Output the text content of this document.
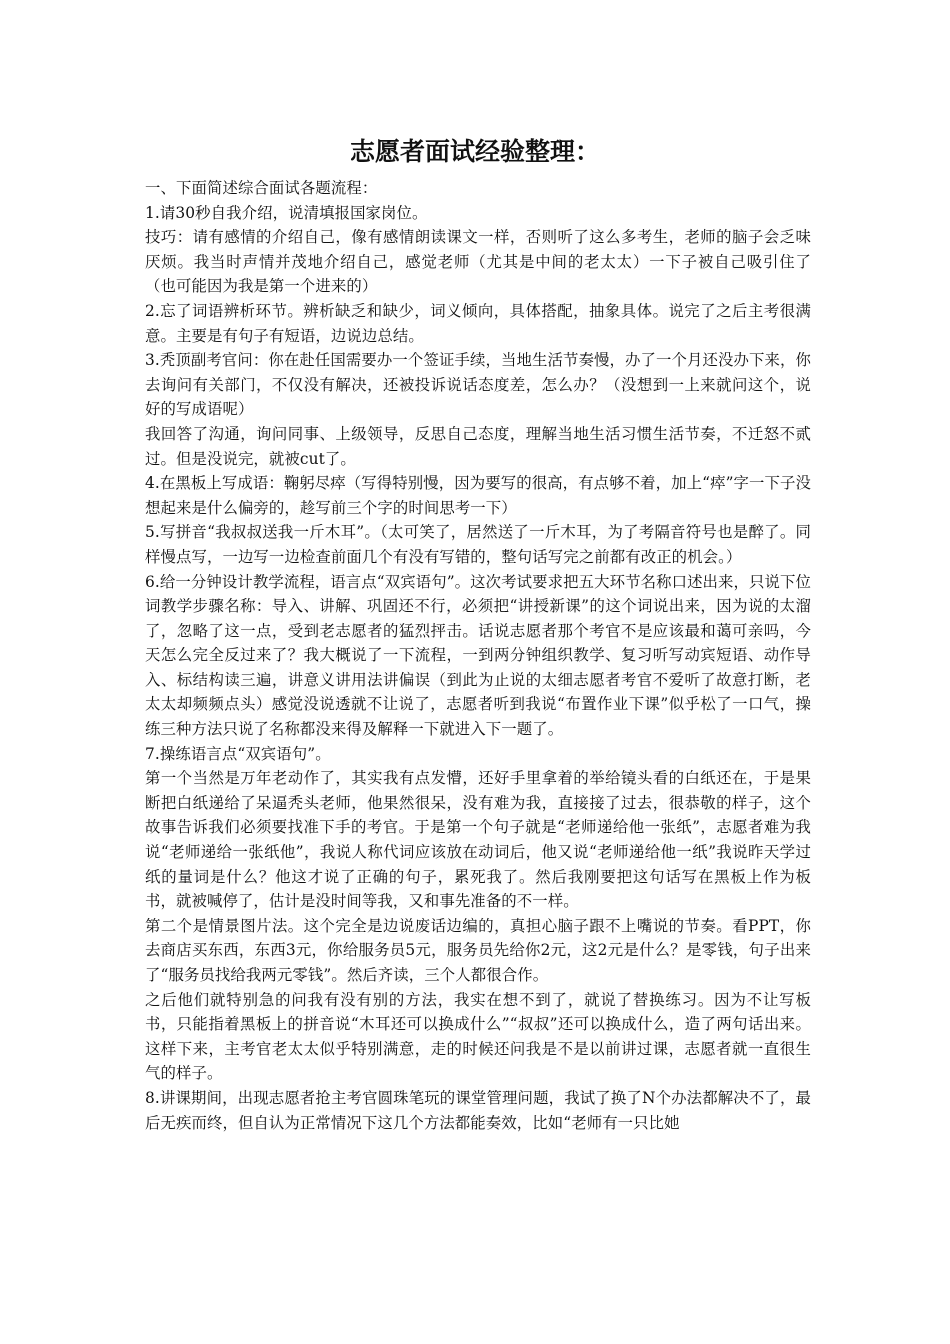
志愿者面试经验整理：

一、下面简述综合面试各题流程：

1.请30秒自我介绍，说清填报国家岗位。

技巧：请有感情的介绍自己，像有感情朗读课文一样，否则听了这么多考生，老师的脑子会乏味厌烦。我当时声情并茂地介绍自己，感觉老师（尤其是中间的老太太）一下子被自己吸引住了（也可能因为我是第一个进来的）

2.忘了词语辨析环节。辨析缺乏和缺少，词义倾向，具体搭配，抽象具体。说完了之后主考很满意。主要是有句子有短语，边说边总结。

3.秃顶副考官问：你在赴任国需要办一个签证手续，当地生活节奏慢，办了一个月还没办下来，你去询问有关部门，不仅没有解决，还被投诉说话态度差，怎么办？（没想到一上来就问这个，说好的写成语呢）

我回答了沟通，询问同事、上级领导，反思自己态度，理解当地生活习惯生活节奏，不迁怒不贰过。但是没说完，就被cut了。

4.在黑板上写成语：鞠躬尽瘁（写得特别慢，因为要写的很高，有点够不着，加上“瘁”字一下子没想起来是什么偏旁的，趁写前三个字的时间思考一下）

5.写拼音“我叔叔送我一斤木耳”。（太可笑了，居然送了一斤木耳，为了考隔音符号也是醉了。同样慢点写，一边写一边检查前面几个有没有写错的，整句话写完之前都有改正的机会。）

6.给一分钟设计教学流程，语言点“双宾语句”。这次考试要求把五大环节名称口述出来，只说下位词教学步骤名称：导入、讲解、巩固还不行，必须把“讲授新课”的这个词说出来，因为说的太溜了，忽略了这一点，受到老志愿者的猛烈抨击。话说志愿者那个考官不是应该最和蔼可亲吗，今天怎么完全反过来了？我大概说了一下流程，一到两分钟组织教学、复习听写动宾短语、动作导入、标结构读三遍，讲意义讲用法讲偏误（到此为止说的太细志愿者考官不爱听了故意打断，老太太却频频点头）感觉没说透就不让说了，志愿者听到我说“布置作业下课”似乎松了一口气，操练三种方法只说了名称都没来得及解释一下就进入下一题了。

7.操练语言点“双宾语句”。

第一个当然是万年老动作了，其实我有点发懵，还好手里拿着的举给镜头看的白纸还在，于是果断把白纸递给了呆逼秃头老师，他果然很呆，没有难为我，直接接了过去，很恭敬的样子，这个故事告诉我们必须要找准下手的考官。于是第一个句子就是“老师递给他一张纸”，志愿者难为我说“老师递给一张纸他”，我说人称代词应该放在动词后，他又说“老师递给他一纸”我说昨天学过纸的量词是什么？他这才说了正确的句子，累死我了。然后我刚要把这句话写在黑板上作为板书，就被喊停了，估计是没时间等我，又和事先准备的不一样。

第二个是情景图片法。这个完全是边说废话边编的，真担心脑子跟不上嘴说的节奏。看PPT，你去商店买东西，东西3元，你给服务员5元，服务员先给你2元，这2元是什么？是零钱，句子出来了“服务员找给我两元零钱”。然后齐读，三个人都很合作。

之后他们就特别急的问我有没有别的方法，我实在想不到了，就说了替换练习。因为不让写板书，只能指着黑板上的拼音说“木耳还可以换成什么”“叔叔”还可以换成什么，造了两句话出来。这样下来，主考官老太太似乎特别满意，走的时候还问我是不是以前讲过课，志愿者就一直很生气的样子。

8.讲课期间，出现志愿者抢主考官圆珠笔玩的课堂管理问题，我试了换了N个办法都解决不了，最后无疾而终，但自认为正常情况下这几个方法都能奏效，比如“老师有一只比她
